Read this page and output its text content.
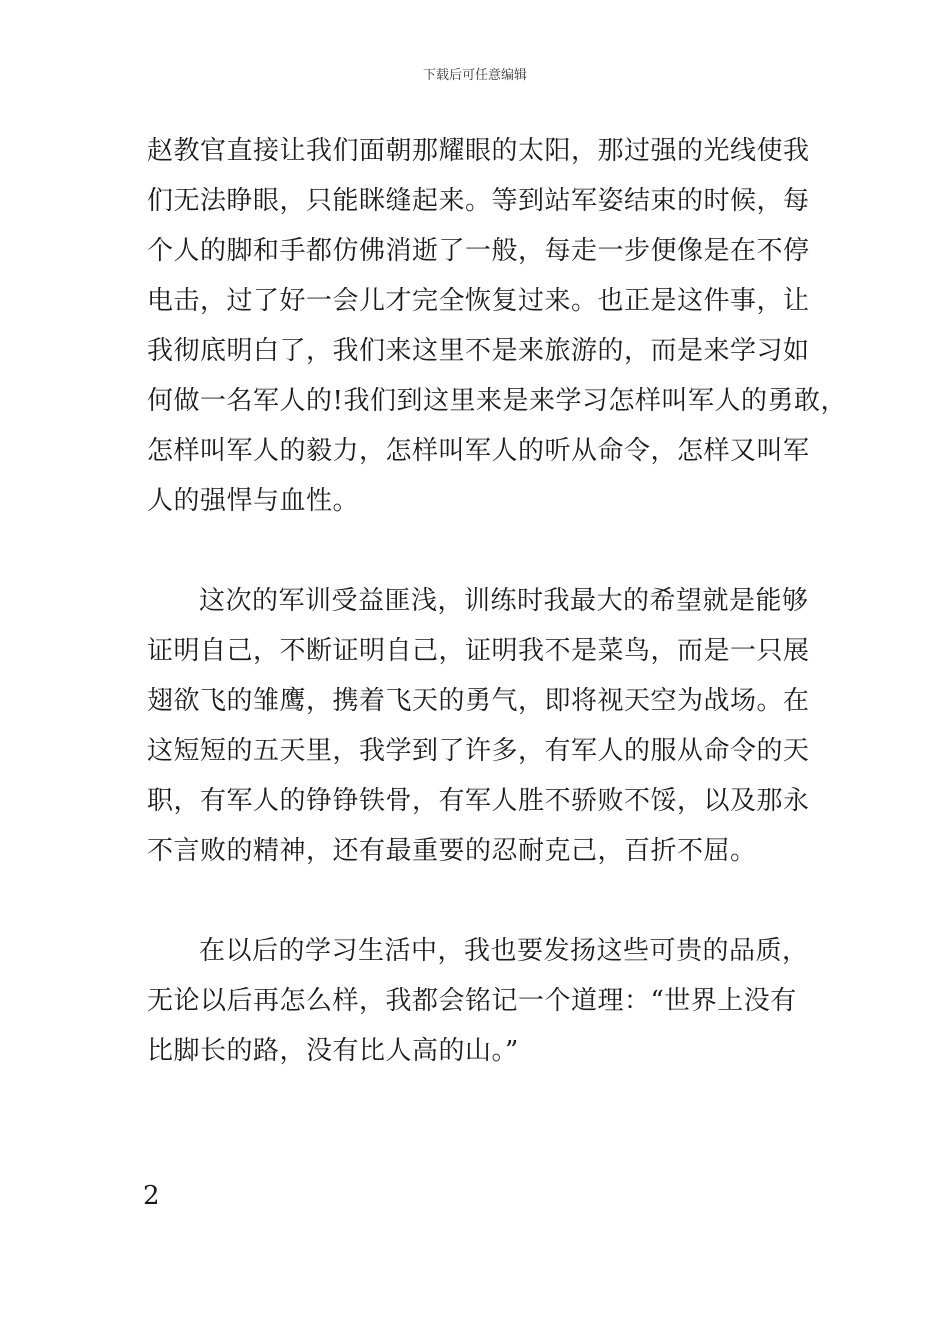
下载后可任意编辑
赵教官直接让我们面朝那耀眼的太阳，那过强的光线使我
们无法睁眼，只能眯缝起来。等到站军姿结束的时候，每
个人的脚和手都仿佛消逝了一般，每走一步便像是在不停
电击，过了好一会儿才完全恢复过来。也正是这件事，让
我彻底明白了，我们来这里不是来旅游的，而是来学习如
何做一名军人的!我们到这里来是来学习怎样叫军人的勇敢，
怎样叫军人的毅力，怎样叫军人的听从命令，怎样又叫军
人的强悍与血性。
这次的军训受益匪浅，训练时我最大的希望就是能够
证明自己，不断证明自己，证明我不是菜鸟，而是一只展
翅欲飞的雏鹰，携着飞天的勇气，即将视天空为战场。在
这短短的五天里，我学到了许多，有军人的服从命令的天
职，有军人的铮铮铁骨，有军人胜不骄败不馁，以及那永
不言败的精神，还有最重要的忍耐克己，百折不屈。
在以后的学习生活中，我也要发扬这些可贵的品质，
无论以后再怎么样，我都会铭记一个道理：“世界上没有
比脚长的路，没有比人高的山。”
2
